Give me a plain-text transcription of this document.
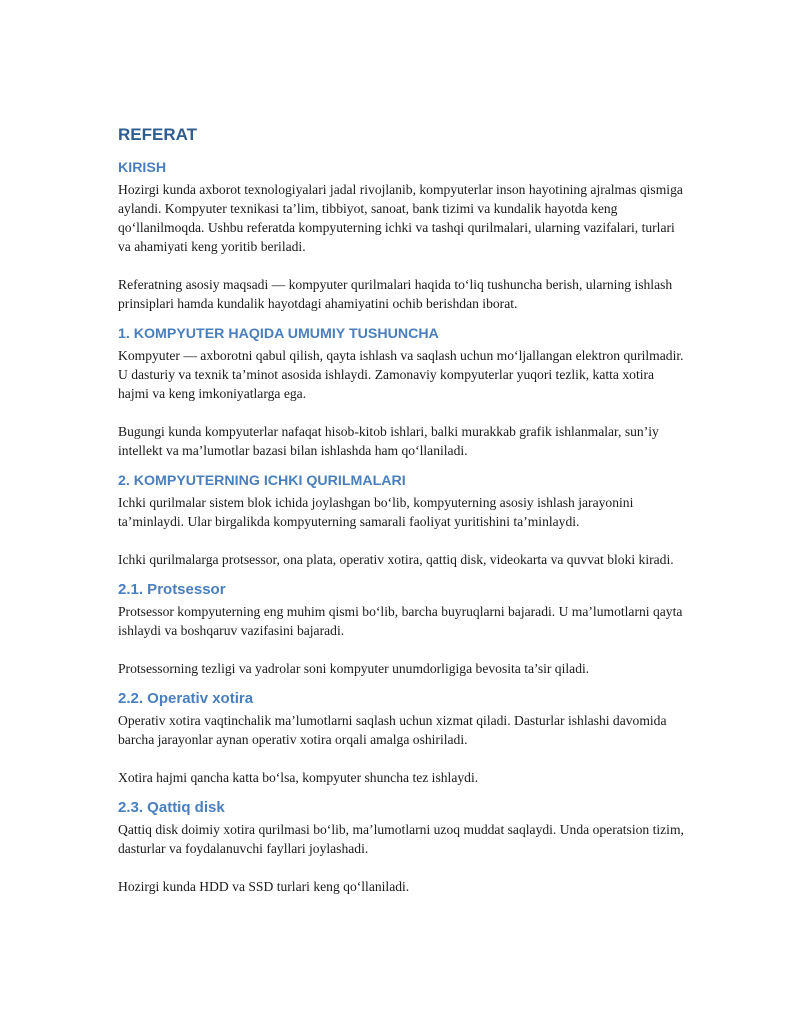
REFERAT
KIRISH

Hozirgi kunda axborot texnologiyalari jadal rivojlanib, kompyuterlar inson hayotining ajralmas qismiga aylandi. Kompyuter texnikasi ta’lim, tibbiyot, sanoat, bank tizimi va kundalik hayotda keng qo‘llanilmoqda. Ushbu referatda kompyuterning ichki va tashqi qurilmalari, ularning vazifalari, turlari va ahamiyati keng yoritib beriladi.

Referatning asosiy maqsadi — kompyuter qurilmalari haqida to‘liq tushuncha berish, ularning ishlash prinsiplari hamda kundalik hayotdagi ahamiyatini ochib berishdan iborat.

1. KOMPYUTER HAQIDA UMUMIY TUSHUNCHA

Kompyuter — axborotni qabul qilish, qayta ishlash va saqlash uchun mo‘ljallangan elektron qurilmadir. U dasturiy va texnik ta’minot asosida ishlaydi. Zamonaviy kompyuterlar yuqori tezlik, katta xotira hajmi va keng imkoniyatlarga ega.

Bugungi kunda kompyuterlar nafaqat hisob-kitob ishlari, balki murakkab grafik ishlanmalar, sun’iy intellekt va ma’lumotlar bazasi bilan ishlashda ham qo‘llaniladi.

2. KOMPYUTERNING ICHKI QURILMALARI

Ichki qurilmalar sistem blok ichida joylashgan bo‘lib, kompyuterning asosiy ishlash jarayonini ta’minlaydi. Ular birgalikda kompyuterning samarali faoliyat yuritishini ta’minlaydi.

Ichki qurilmalarga protsessor, ona plata, operativ xotira, qattiq disk, videokarta va quvvat bloki kiradi.

2.1. Protsessor

Protsessor kompyuterning eng muhim qismi bo‘lib, barcha buyruqlarni bajaradi. U ma’lumotlarni qayta ishlaydi va boshqaruv vazifasini bajaradi.

Protsessorning tezligi va yadrolar soni kompyuter unumdorligiga bevosita ta’sir qiladi.

2.2. Operativ xotira

Operativ xotira vaqtinchalik ma’lumotlarni saqlash uchun xizmat qiladi. Dasturlar ishlashi davomida barcha jarayonlar aynan operativ xotira orqali amalga oshiriladi.

Xotira hajmi qancha katta bo‘lsa, kompyuter shuncha tez ishlaydi.

2.3. Qattiq disk

Qattiq disk doimiy xotira qurilmasi bo‘lib, ma’lumotlarni uzoq muddat saqlaydi. Unda operatsion tizim, dasturlar va foydalanuvchi fayllari joylashadi.

Hozirgi kunda HDD va SSD turlari keng qo‘llaniladi.
